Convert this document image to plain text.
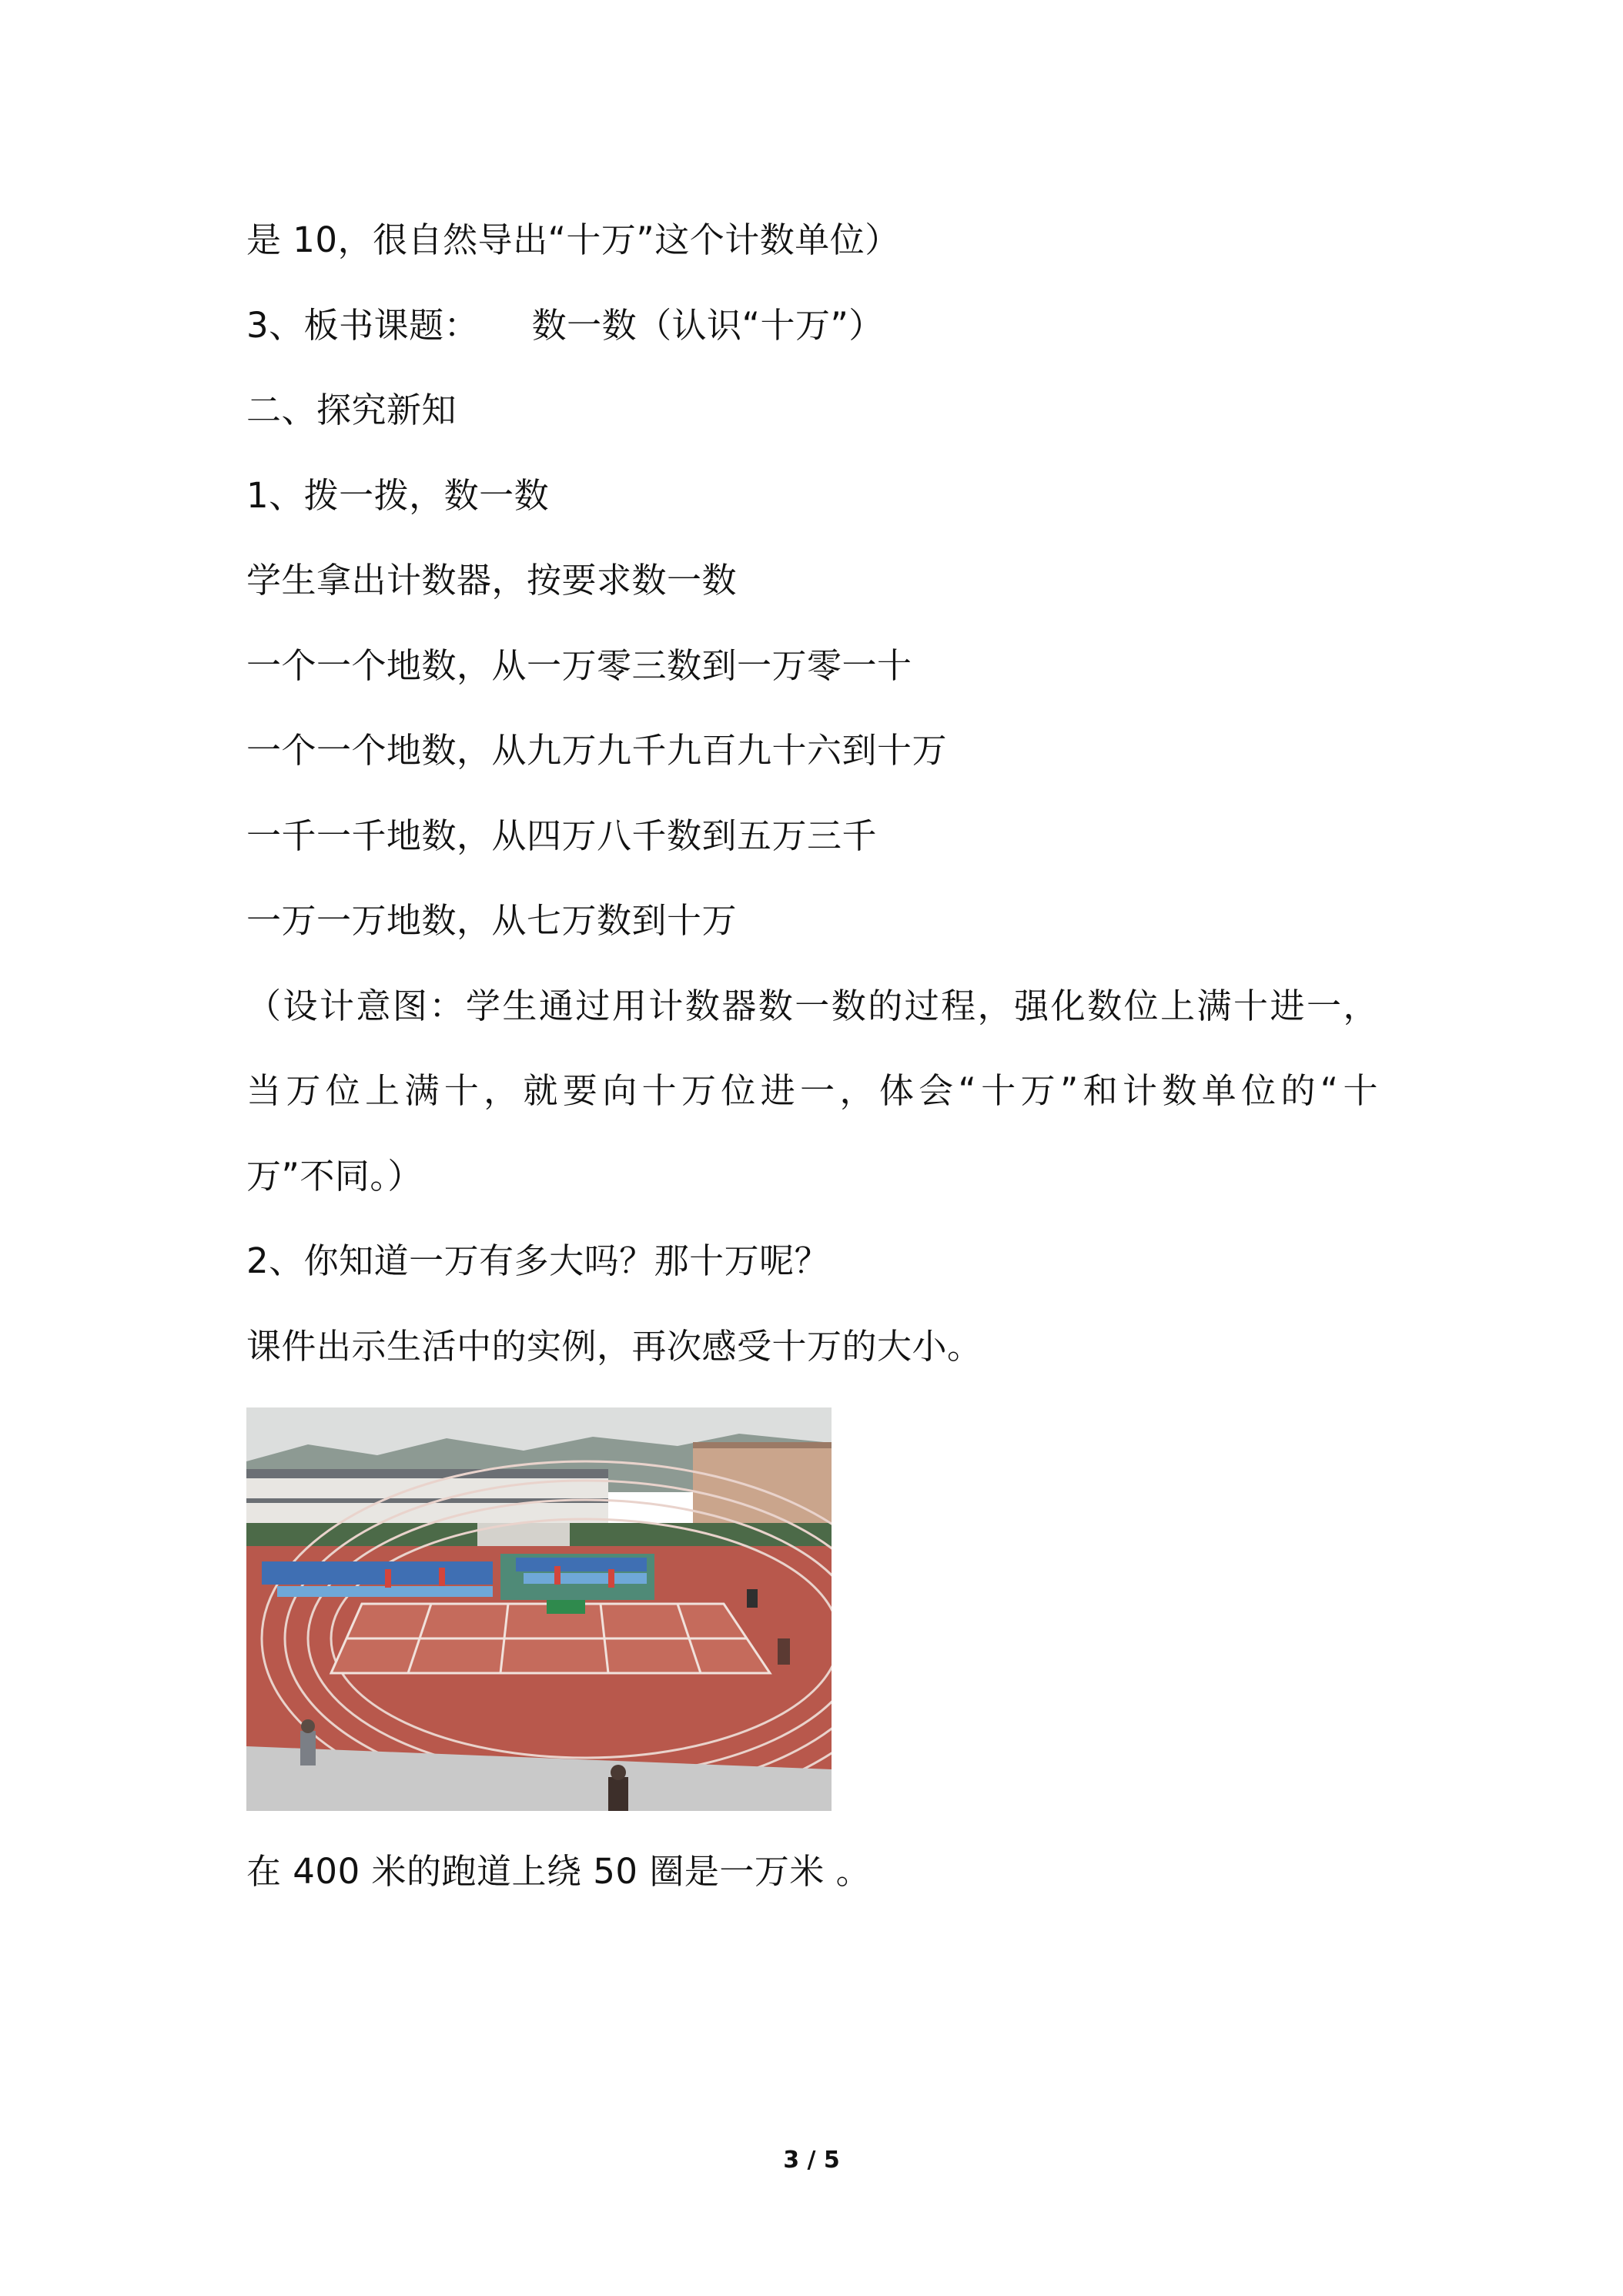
是 10，很自然导出“十万”这个计数单位）
3、板书课题：　　数一数（认识“十万”）
二、探究新知
1、拨一拨，数一数
学生拿出计数器，按要求数一数
一个一个地数，从一万零三数到一万零一十
一个一个地数，从九万九千九百九十六到十万
一千一千地数，从四万八千数到五万三千
一万一万地数，从七万数到十万
（设计意图：学生通过用计数器数一数的过程，强化数位上满十进一，
当万位上满十，就要向十万位进一，体会“十万”和计数单位的“十
万”不同。）
2、你知道一万有多大吗？那十万呢？
课件出示生活中的实例，再次感受十万的大小。
在 400 米的跑道上绕 50 圈是一万米 。
3 / 5
